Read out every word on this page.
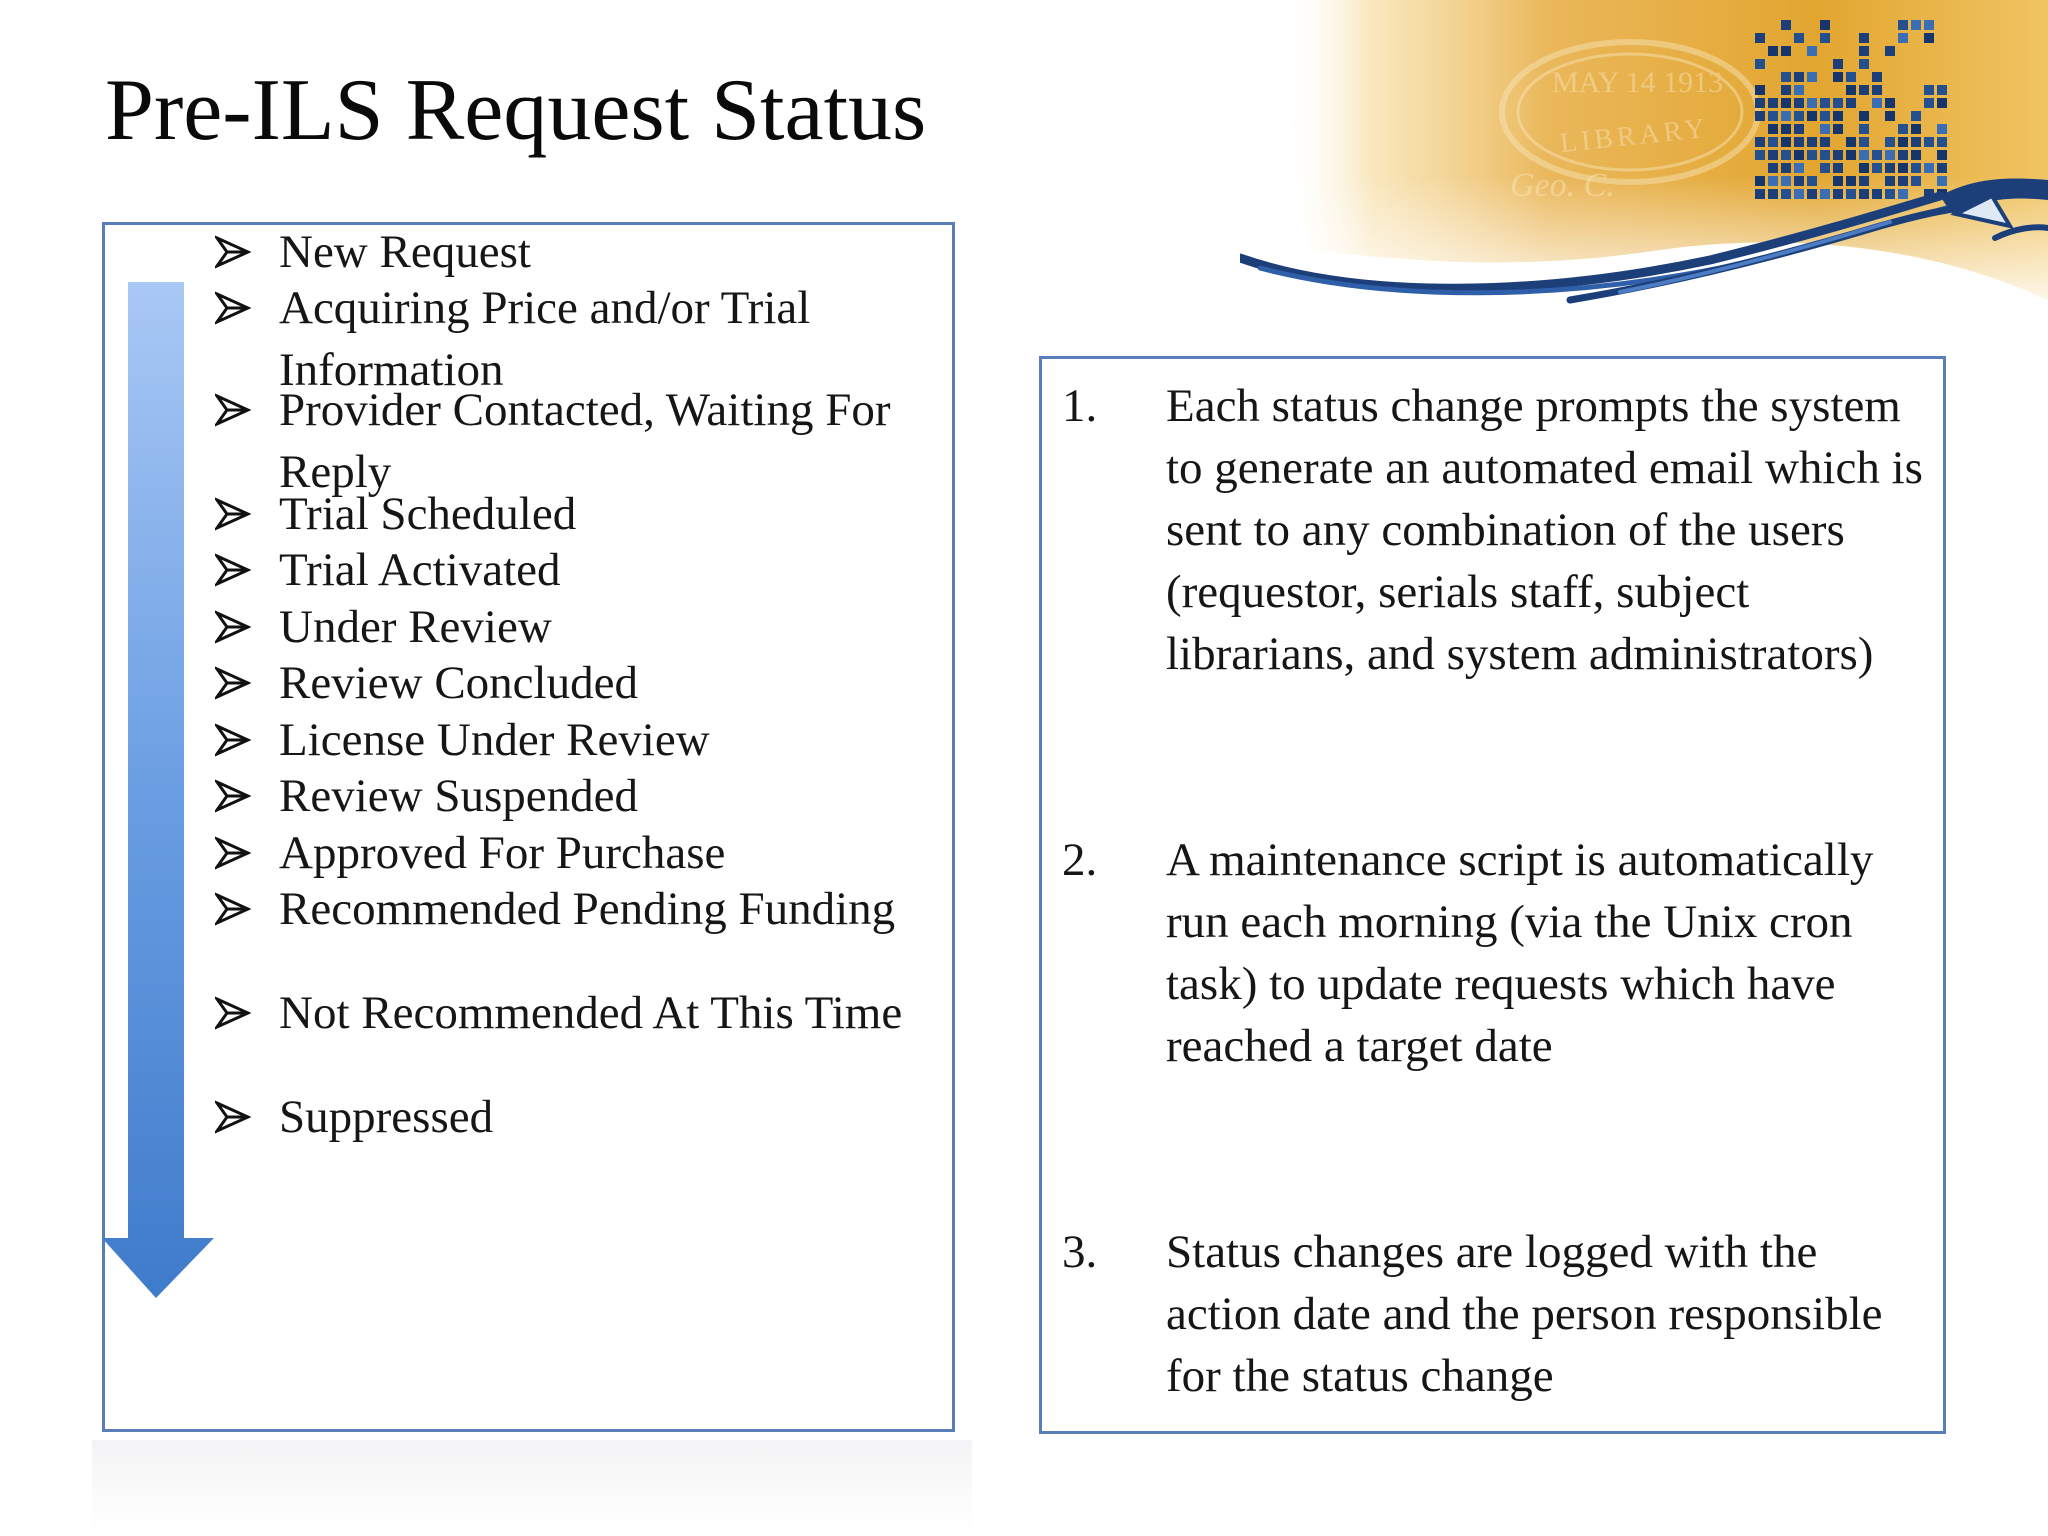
MAY 14 1913
LIBRARY
Geo. C.
Pre-ILS Request Status
New Request
Acquiring Price and/or Trial Information
Provider Contacted, Waiting For Reply
Trial Scheduled
Trial Activated
Under Review
Review Concluded
License Under Review
Review Suspended
Approved For Purchase
Recommended Pending Funding
Not Recommended At This Time
Suppressed
1. Each status change prompts the system to generate an automated email which is sent to any combination of the users (requestor, serials staff, subject librarians, and system administrators)
2. A maintenance script is automatically run each morning (via the Unix cron task) to update requests which have reached a target date
3. Status changes are logged with the action date and the person responsible for the status change
